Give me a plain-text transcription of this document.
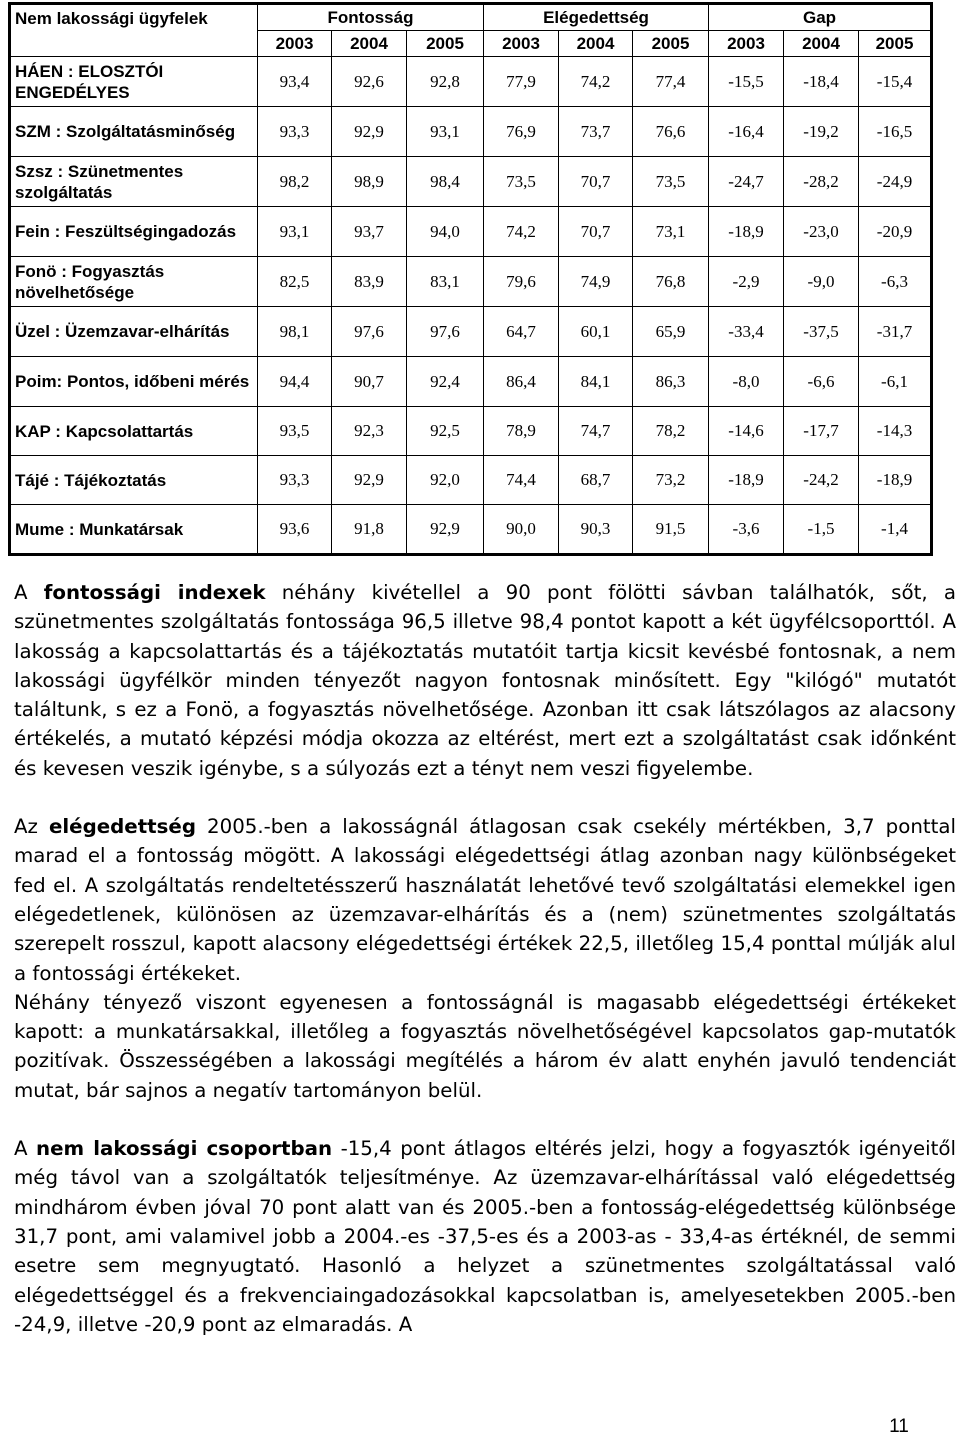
Nem lakossági ügyfelek	Fontosság			Elégedettség			Gap		
	2003	2004	2005	2003	2004	2005	2003	2004	2005
HÁEN : ELOSZTÓI ENGEDÉLYES	93,4	92,6	92,8	77,9	74,2	77,4	-15,5	-18,4	-15,4
SZM : Szolgáltatásminőség	93,3	92,9	93,1	76,9	73,7	76,6	-16,4	-19,2	-16,5
Szsz : Szünetmentes szolgáltatás	98,2	98,9	98,4	73,5	70,7	73,5	-24,7	-28,2	-24,9
Fein : Feszültségingadozás	93,1	93,7	94,0	74,2	70,7	73,1	-18,9	-23,0	-20,9
Fonö : Fogyasztás növelhetősége	82,5	83,9	83,1	79,6	74,9	76,8	-2,9	-9,0	-6,3
Üzel : Üzemzavar-elhárítás	98,1	97,6	97,6	64,7	60,1	65,9	-33,4	-37,5	-31,7
Poim: Pontos, időbeni mérés	94,4	90,7	92,4	86,4	84,1	86,3	-8,0	-6,6	-6,1
KAP : Kapcsolattartás	93,5	92,3	92,5	78,9	74,7	78,2	-14,6	-17,7	-14,3
Tájé : Tájékoztatás	93,3	92,9	92,0	74,4	68,7	73,2	-18,9	-24,2	-18,9
Mume : Munkatársak	93,6	91,8	92,9	90,0	90,3	91,5	-3,6	-1,5	-1,4

A fontossági indexek néhány kivétellel a 90 pont fölötti sávban találhatók, sőt, a szünetmentes szolgáltatás fontossága 96,5 illetve 98,4 pontot kapott a két ügyfélcsoporttól. A lakosság a kapcsolattartás és a tájékoztatás mutatóit tartja kicsit kevésbé fontosnak, a nem lakossági ügyfélkör minden tényezőt nagyon fontosnak minősített. Egy "kilógó" mutatót találtunk, s ez a Fonö, a fogyasztás növelhetősége. Azonban itt csak látszólagos az alacsony értékelés, a mutató képzési módja okozza az eltérést, mert ezt a szolgáltatást csak időnként és kevesen veszik igénybe, s a súlyozás ezt a tényt nem veszi figyelembe.

Az elégedettség 2005.-ben a lakosságnál átlagosan csak csekély mértékben, 3,7 ponttal marad el a fontosság mögött. A lakossági elégedettségi átlag azonban nagy különbségeket fed el. A szolgáltatás rendeltetésszerű használatát lehetővé tevő szolgáltatási elemekkel igen elégedetlenek, különösen az üzemzavar-elhárítás és a (nem) szünetmentes szolgáltatás szerepelt rosszul, kapott alacsony elégedettségi értékek 22,5, illetőleg 15,4 ponttal múlják alul a fontossági értékeket.

Néhány tényező viszont egyenesen a fontosságnál is magasabb elégedettségi értékeket kapott: a munkatársakkal, illetőleg a fogyasztás növelhetőségével kapcsolatos gap-mutatók pozitívak. Összességében a lakossági megítélés a három év alatt enyhén javuló tendenciát mutat, bár sajnos a negatív tartományon belül.

A nem lakossági csoportban -15,4 pont átlagos eltérés jelzi, hogy a fogyasztók igényeitől még távol van a szolgáltatók teljesítménye. Az üzemzavar-elhárítással való elégedettség mindhárom évben jóval 70 pont alatt van és 2005.-ben a fontosság-elégedettség különbsége 31,7 pont, ami valamivel jobb a 2004.-es -37,5-es és a 2003-as - 33,4-as értéknél, de semmi esetre sem megnyugtató. Hasonló a helyzet a szünetmentes szolgáltatással való elégedettséggel és a frekvenciaingadozásokkal kapcsolatban is, amelyesetekben 2005.-ben -24,9, illetve -20,9 pont az elmaradás. A

11
